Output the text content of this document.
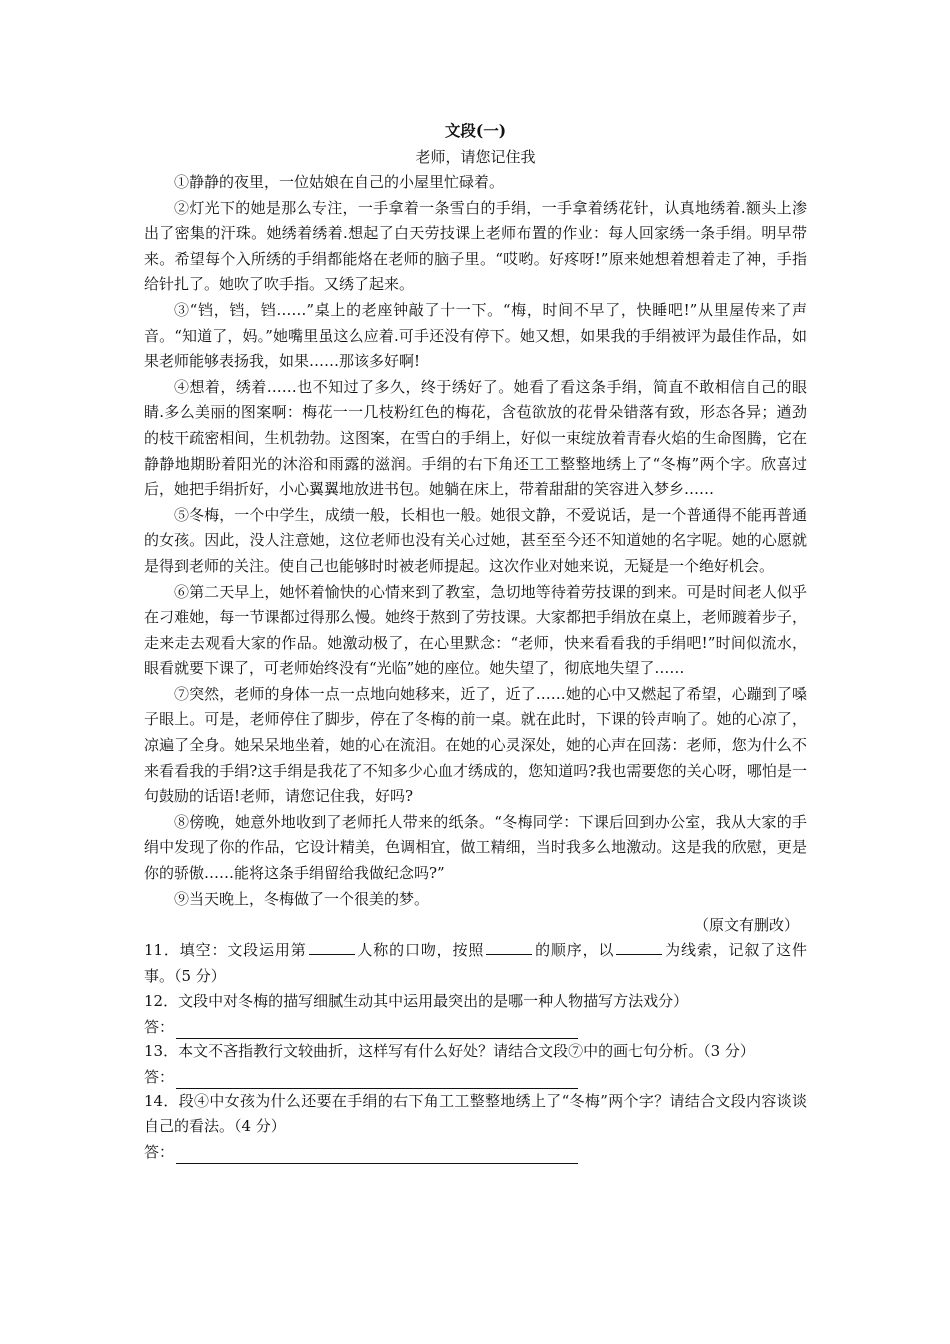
文段(一)
老师，请您记住我

①静静的夜里，一位姑娘在自己的小屋里忙碌着。

②灯光下的她是那么专注，一手拿着一条雪白的手绢，一手拿着绣花针，认真地绣着.额头上渗出了密集的汗珠。她绣着绣着.想起了白天劳技课上老师布置的作业：每人回家绣一条手绢。明早带来。希望每个入所绣的手绢都能烙在老师的脑子里。“哎哟。好疼呀!”原来她想着想着走了神，手指给针扎了。她吹了吹手指。又绣了起来。

③“铛，铛，铛……”桌上的老座钟敲了十一下。“梅，时间不早了，快睡吧!”从里屋传来了声音。“知道了，妈。”她嘴里虽这么应着.可手还没有停下。她又想，如果我的手绢被评为最佳作品，如果老师能够表扬我，如果……那该多好啊!

④想着，绣着……也不知过了多久，终于绣好了。她看了看这条手绢，简直不敢相信自己的眼睛.多么美丽的图案啊：梅花一一几枝粉红色的梅花，含苞欲放的花骨朵错落有致，形态各异；遒劲的枝干疏密相间，生机勃勃。这图案，在雪白的手绢上，好似一束绽放着青春火焰的生命图腾，它在静静地期盼着阳光的沐浴和雨露的滋润。手绢的右下角还工工整整地绣上了“冬梅”两个字。欣喜过后，她把手绢折好，小心翼翼地放进书包。她躺在床上，带着甜甜的笑容进入梦乡……

⑤冬梅，一个中学生，成绩一般，长相也一般。她很文静，不爱说话，是一个普通得不能再普通的女孩。因此，没人注意她，这位老师也没有关心过她，甚至至今还不知道她的名字呢。她的心愿就是得到老师的关注。使自己也能够时时被老师提起。这次作业对她来说，无疑是一个绝好机会。

⑥第二天早上，她怀着愉快的心情来到了教室，急切地等待着劳技课的到来。可是时间老人似乎在刁难她，每一节课都过得那么慢。她终于熬到了劳技课。大家都把手绢放在桌上，老师踱着步子，走来走去观看大家的作品。她激动极了，在心里默念：“老师，快来看看我的手绢吧!”时间似流水，眼看就要下课了，可老师始终没有“光临”她的座位。她失望了，彻底地失望了……

⑦突然，老师的身体一点一点地向她移来，近了，近了……她的心中又燃起了希望，心蹦到了嗓子眼上。可是，老师停住了脚步，停在了冬梅的前一桌。就在此时，下课的铃声响了。她的心凉了，凉遍了全身。她呆呆地坐着，她的心在流泪。在她的心灵深处，她的心声在回荡：老师，您为什么不来看看我的手绢?这手绢是我花了不知多少心血才绣成的，您知道吗?我也需要您的关心呀，哪怕是一句鼓励的话语!老师，请您记住我，好吗?

⑧傍晚，她意外地收到了老师托人带来的纸条。“冬梅同学：下课后回到办公室，我从大家的手绢中发现了你的作品，它设计精美，色调相宜，做工精细，当时我多么地激动。这是我的欣慰，更是你的骄傲……能将这条手绢留给我做纪念吗?”

⑨当天晚上，冬梅做了一个很美的梦。

（原文有删改）

11．填空：文段运用第	人称的口吻，按照	的顺序，以	为线索，记叙了这件事。（5 分）

12．文段中对冬梅的描写细腻生动其中运用最突出的是哪一种人物描写方法戏分）

答：

13．本文不吝指教行文较曲折，这样写有什么好处？请结合文段⑦中的画七句分析。（3 分）

答：

14．段④中女孩为什么还要在手绢的右下角工工整整地绣上了“冬梅”两个字？请结合文段内容谈谈自己的看法。（4 分）

答：
